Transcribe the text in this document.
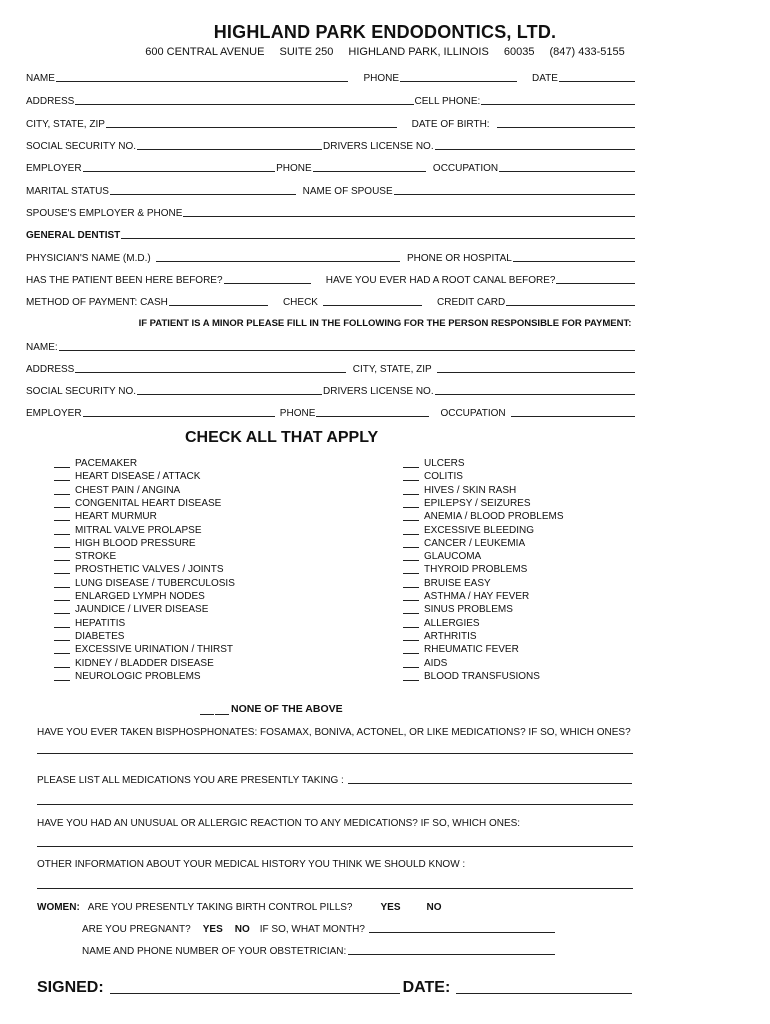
HIGHLAND PARK ENDODONTICS, LTD.
600 CENTRAL AVENUE SUITE 250 HIGHLAND PARK, ILLINOIS 60035 (847) 433-5155
NAME	PHONE	DATE
ADDRESS	CELL PHONE:
CITY, STATE, ZIP	DATE OF BIRTH:
SOCIAL SECURITY NO.	DRIVERS LICENSE NO.
EMPLOYER	PHONE	OCCUPATION
MARITAL STATUS	NAME OF SPOUSE
SPOUSE'S EMPLOYER & PHONE
GENERAL DENTIST
PHYSICIAN'S NAME (M.D.)	PHONE OR HOSPITAL
HAS THE PATIENT BEEN HERE BEFORE?	HAVE YOU EVER HAD A ROOT CANAL BEFORE?
METHOD OF PAYMENT: CASH	CHECK	CREDIT CARD
IF PATIENT IS A MINOR PLEASE FILL IN THE FOLLOWING FOR THE PERSON RESPONSIBLE FOR PAYMENT:
NAME:
ADDRESS	CITY, STATE, ZIP
SOCIAL SECURITY NO.	DRIVERS LICENSE NO.
EMPLOYER	PHONE	OCCUPATION
CHECK ALL THAT APPLY
PACEMAKER
HEART DISEASE / ATTACK
CHEST PAIN / ANGINA
CONGENITAL HEART DISEASE
HEART MURMUR
MITRAL VALVE PROLAPSE
HIGH BLOOD PRESSURE
STROKE
PROSTHETIC VALVES / JOINTS
LUNG DISEASE / TUBERCULOSIS
ENLARGED LYMPH NODES
JAUNDICE / LIVER DISEASE
HEPATITIS
DIABETES
EXCESSIVE URINATION / THIRST
KIDNEY / BLADDER DISEASE
NEUROLOGIC PROBLEMS
ULCERS
COLITIS
HIVES / SKIN RASH
EPILEPSY / SEIZURES
ANEMIA / BLOOD PROBLEMS
EXCESSIVE BLEEDING
CANCER / LEUKEMIA
GLAUCOMA
THYROID PROBLEMS
BRUISE EASY
ASTHMA / HAY FEVER
SINUS PROBLEMS
ALLERGIES
ARTHRITIS
RHEUMATIC FEVER
AIDS
BLOOD TRANSFUSIONS
NONE OF THE ABOVE
HAVE YOU EVER TAKEN BISPHOSPHONATES: FOSAMAX, BONIVA, ACTONEL, OR LIKE MEDICATIONS? IF SO, WHICH ONES?
PLEASE LIST ALL MEDICATIONS YOU ARE PRESENTLY TAKING :
HAVE YOU HAD AN UNUSUAL OR ALLERGIC REACTION TO ANY MEDICATIONS? IF SO, WHICH ONES:
OTHER INFORMATION ABOUT YOUR MEDICAL HISTORY YOU THINK WE SHOULD KNOW :
WOMEN: ARE YOU PRESENTLY TAKING BIRTH CONTROL PILLS?	YES	NO
ARE YOU PREGNANT? YES NO IF SO, WHAT MONTH?
NAME AND PHONE NUMBER OF YOUR OBSTETRICIAN:
SIGNED:	DATE:
